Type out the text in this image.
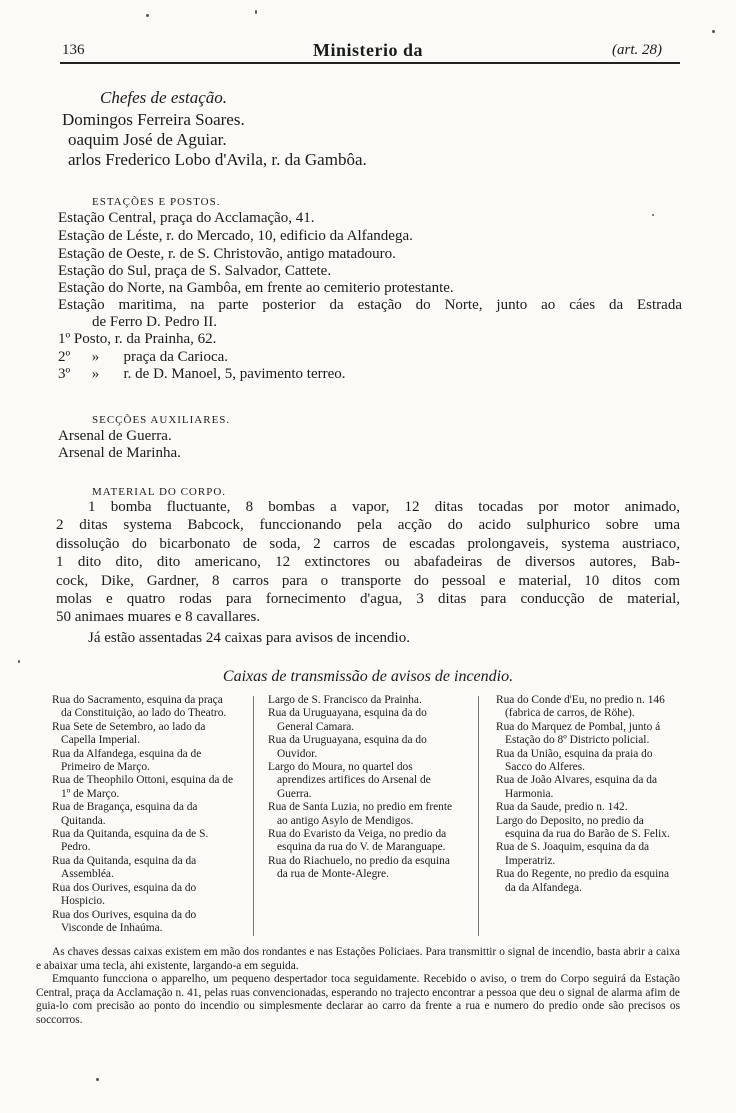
136	Ministerio da	(art. 28)
Chefes de estação.
Domingos Ferreira Soares.
oaquim José de Aguiar.
arlos Frederico Lobo d'Avila, r. da Gambôa.
ESTAÇÕES E POSTOS.
Estação Central, praça do Acclamação, 41.
Estação de Léste, r. do Mercado, 10, edificio da Alfandega.
Estação de Oeste, r. de S. Christovão, antigo matadouro.
Estação do Sul, praça de S. Salvador, Cattete.
Estação do Norte, na Gambôa, em frente ao cemiterio protestante.
Estação maritima, na parte posterior da estação do Norte, junto ao cáes da Estrada
de Ferro D. Pedro II.
1º Posto, r. da Prainha, 62.
2º » praça da Carioca.
3º » r. de D. Manoel, 5, pavimento terreo.
SECÇÕES AUXILIARES.
Arsenal de Guerra.
Arsenal de Marinha.
MATERIAL DO CORPO.

1 bomba fluctuante, 8 bombas a vapor, 12 ditas tocadas por motor animado,

2 ditas systema Babcock, funccionando pela acção do acido sulphurico sobre uma

dissolução do bicarbonato de soda, 2 carros de escadas prolongaveis, systema austriaco,

1 dito dito, dito americano, 12 extinctores ou abafadeiras de diversos autores, Bab-

cock, Dike, Gardner, 8 carros para o transporte do pessoal e material, 10 ditos com

molas e quatro rodas para fornecimento d'agua, 3 ditas para conducção de material,

50 animaes muares e 8 cavallares.

Já estão assentadas 24 caixas para avisos de incendio.

Caixas de transmissão de avisos de incendio.
Rua do Sacramento, esquina da praça da Constituição, ao lado do Theatro.
Rua Sete de Setembro, ao lado da Capella Imperial.
Rua da Alfandega, esquina da de Primeiro de Março.
Rua de Theophilo Ottoni, esquina da de 1º de Março.
Rua de Bragança, esquina da da Quitanda.
Rua da Quitanda, esquina da de S. Pedro.
Rua da Quitanda, esquina da da Assembléa.
Rua dos Ourives, esquina da do Hospicio.
Rua dos Ourives, esquina da do Visconde de Inhaúma.
Largo de S. Francisco da Prainha.
Rua da Uruguayana, esquina da do General Camara.
Rua da Uruguayana, esquina da do Ouvidor.
Largo do Moura, no quartel dos aprendizes artifices do Arsenal de Guerra.
Rua de Santa Luzia, no predio em frente ao antigo Asylo de Mendigos.
Rua do Evaristo da Veiga, no predio da esquina da rua do V. de Maranguape.
Rua do Riachuelo, no predio da esquina da rua de Monte-Alegre.
Rua do Conde d'Eu, no predio n. 146 (fabrica de carros, de Röhe).
Rua do Marquez de Pombal, junto á Estação do 8º Districto policial.
Rua da União, esquina da praia do Sacco do Alferes.
Rua de João Alvares, esquina da da Harmonia.
Rua da Saude, predio n. 142.
Largo do Deposito, no predio da esquina da rua do Barão de S. Felix.
Rua de S. Joaquim, esquina da da Imperatriz.
Rua do Regente, no predio da esquina da da Alfandega.

As chaves dessas caixas existem em mão dos rondantes e nas Estações Policiaes. Para transmittir o signal de incendio, basta abrir a caixa e abaixar uma tecla, ahi existente, largando-a em seguida.

Emquanto funcciona o apparelho, um pequeno despertador toca seguidamente. Recebido o aviso, o trem do Corpo seguirá da Estação Central, praça da Acclamação n. 41, pelas ruas convencionadas, esperando no trajecto encontrar a pessoa que deu o signal de alarma afim de guia-lo com precisão ao ponto do incendio ou simplesmente declarar ao carro da frente a rua e numero do predio onde são precisos os soccorros.
